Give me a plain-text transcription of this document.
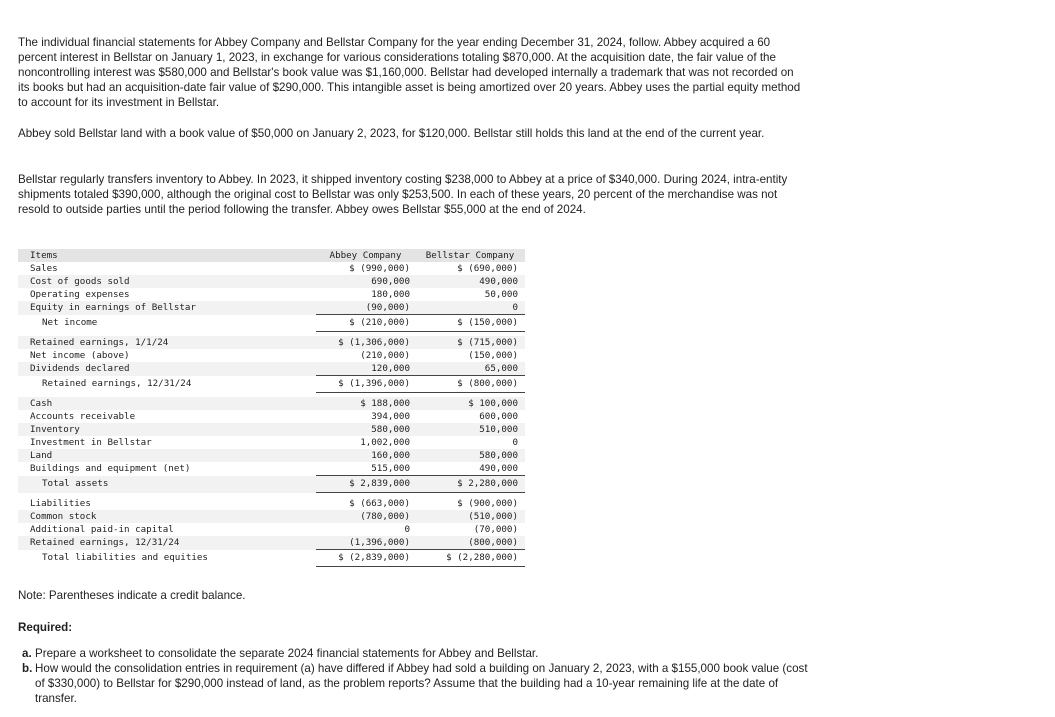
The individual financial statements for Abbey Company and Bellstar Company for the year ending December 31, 2024, follow. Abbey acquired a 60 percent interest in Bellstar on January 1, 2023, in exchange for various considerations totaling $870,000. At the acquisition date, the fair value of the noncontrolling interest was $580,000 and Bellstar's book value was $1,160,000. Bellstar had developed internally a trademark that was not recorded on its books but had an acquisition-date fair value of $290,000. This intangible asset is being amortized over 20 years. Abbey uses the partial equity method to account for its investment in Bellstar.

Abbey sold Bellstar land with a book value of $50,000 on January 2, 2023, for $120,000. Bellstar still holds this land at the end of the current year.

Bellstar regularly transfers inventory to Abbey. In 2023, it shipped inventory costing $238,000 to Abbey at a price of $340,000. During 2024, intra-entity shipments totaled $390,000, although the original cost to Bellstar was only $253,500. In each of these years, 20 percent of the merchandise was not resold to outside parties until the period following the transfer. Abbey owes Bellstar $55,000 at the end of 2024.

Items	Abbey Company	Bellstar Company
Sales	$ (990,000)	$ (690,000)
Cost of goods sold	690,000	490,000
Operating expenses	180,000	50,000
Equity in earnings of Bellstar	(90,000)	0
Net income	$ (210,000)	$ (150,000)

Retained earnings, 1/1/24	$ (1,306,000)	$ (715,000)
Net income (above)	(210,000)	(150,000)
Dividends declared	120,000	65,000
Retained earnings, 12/31/24	$ (1,396,000)	$ (800,000)

Cash	$ 188,000	$ 100,000
Accounts receivable	394,000	600,000
Inventory	580,000	510,000
Investment in Bellstar	1,002,000	0
Land	160,000	580,000
Buildings and equipment (net)	515,000	490,000
Total assets	$ 2,839,000	$ 2,280,000

Liabilities	$ (663,000)	$ (900,000)
Common stock	(780,000)	(510,000)
Additional paid-in capital	0	(70,000)
Retained earnings, 12/31/24	(1,396,000)	(800,000)
Total liabilities and equities	$ (2,839,000)	$ (2,280,000)

Note: Parentheses indicate a credit balance.

Required:

a. Prepare a worksheet to consolidate the separate 2024 financial statements for Abbey and Bellstar.

b. How would the consolidation entries in requirement (a) have differed if Abbey had sold a building on January 2, 2023, with a $155,000 book value (cost of $330,000) to Bellstar for $290,000 instead of land, as the problem reports? Assume that the building had a 10-year remaining life at the date of transfer.
